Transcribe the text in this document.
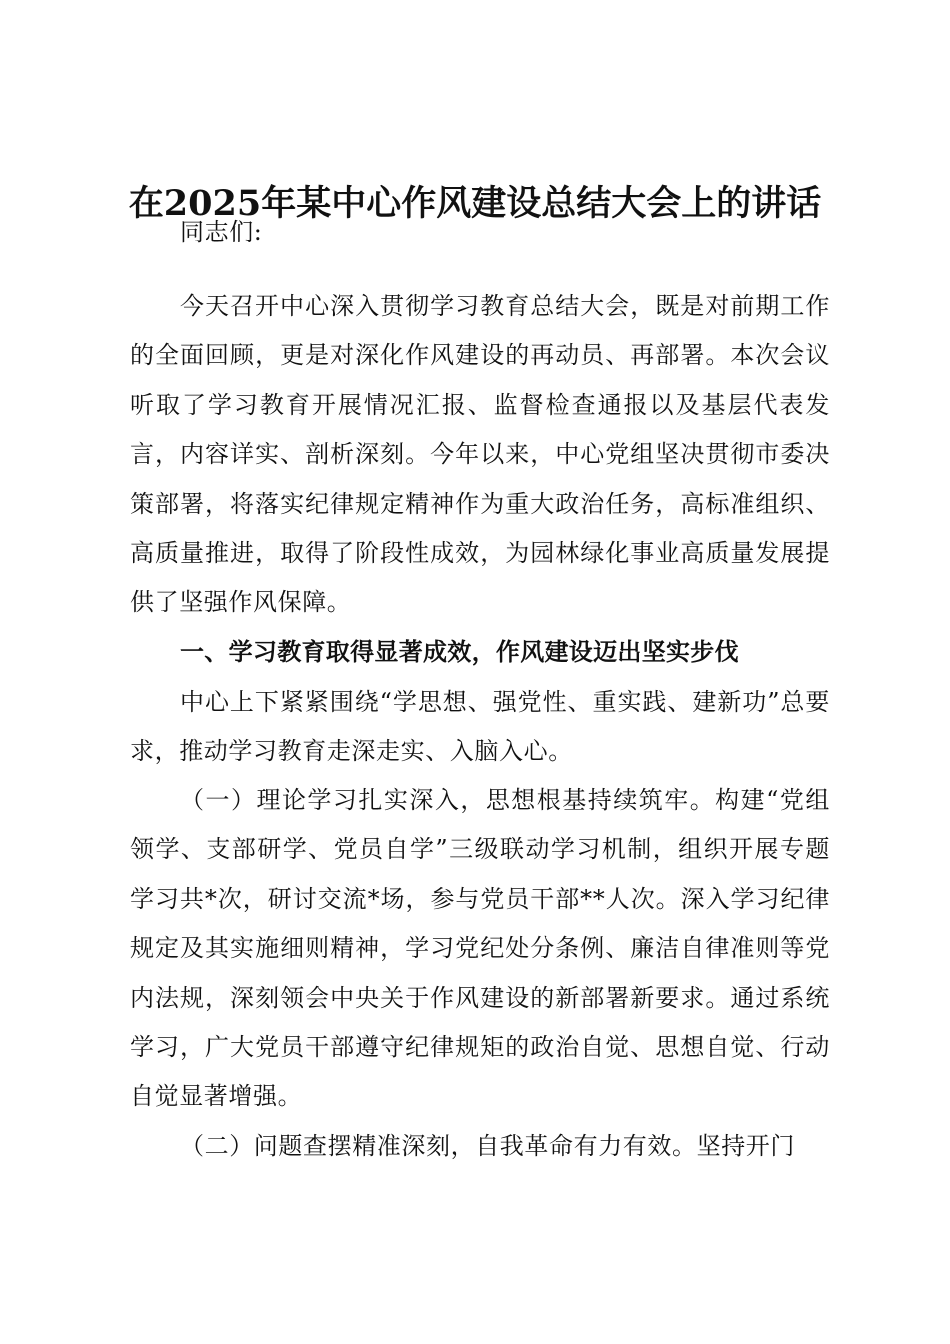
在2025年某中心作风建设总结大会上的讲话
同志们:

今天召开中心深入贯彻学习教育总结大会，既是对前期工作的全面回顾，更是对深化作风建设的再动员、再部署。本次会议听取了学习教育开展情况汇报、监督检查通报以及基层代表发言，内容详实、剖析深刻。今年以来，中心党组坚决贯彻市委决策部署，将落实纪律规定精神作为重大政治任务，高标准组织、高质量推进，取得了阶段性成效，为园林绿化事业高质量发展提供了坚强作风保障。

一、学习教育取得显著成效，作风建设迈出坚实步伐

中心上下紧紧围绕“学思想、强党性、重实践、建新功”总要求，推动学习教育走深走实、入脑入心。

（一）理论学习扎实深入，思想根基持续筑牢。构建“党组领学、支部研学、党员自学”三级联动学习机制，组织开展专题学习共*次，研讨交流*场，参与党员干部**人次。深入学习纪律规定及其实施细则精神，学习党纪处分条例、廉洁自律准则等党内法规，深刻领会中央关于作风建设的新部署新要求。通过系统学习，广大党员干部遵守纪律规矩的政治自觉、思想自觉、行动自觉显著增强。

（二）问题查摆精准深刻，自我革命有力有效。坚持开门
